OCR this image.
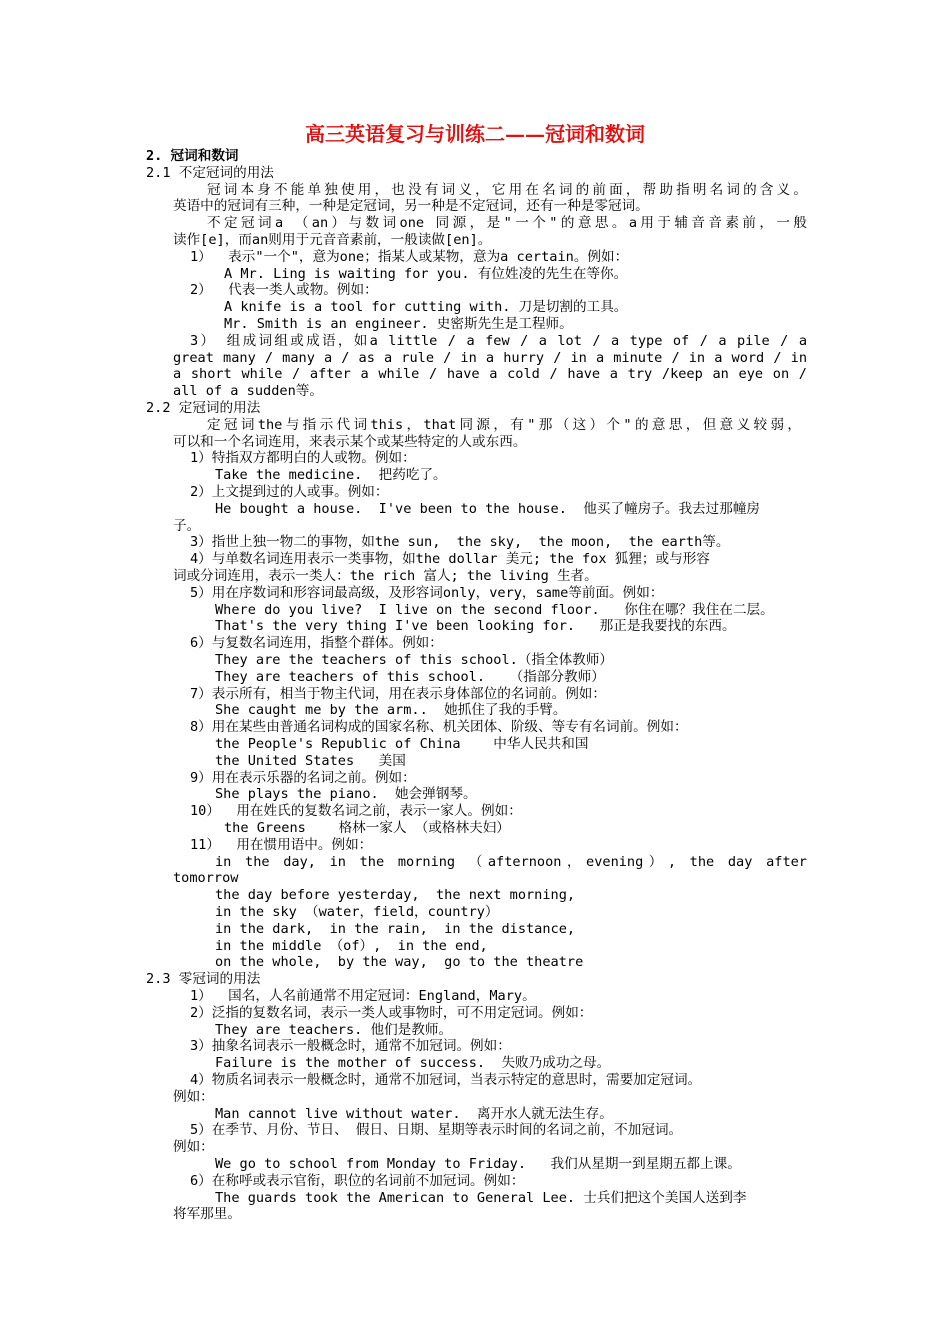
高三英语复习与训练二——冠词和数词
2. 冠词和数词
2.1 不定冠词的用法
冠词本身不能单独使用，也没有词义，它用在名词的前面，帮助指明名词的含义。
英语中的冠词有三种，一种是定冠词，另一种是不定冠词，还有一种是零冠词。
不定冠词a （an）与数词one 同源，是"一个"的意思。a用于辅音音素前，一般
读作[e]，而an则用于元音音素前，一般读做[en]。
1）  表示"一个"，意为one；指某人或某物，意为a certain。例如：
A Mr. Ling is waiting for you. 有位姓凌的先生在等你。
2）  代表一类人或物。例如：
A knife is a tool for cutting with. 刀是切割的工具。
Mr. Smith is an engineer. 史密斯先生是工程师。
3） 组成词组或成语，如a little / a few / a lot / a type of / a pile / a
great many / many a / as a rule / in a hurry / in a minute / in a word / in
a short while / after a while / have a cold / have a try /keep an eye on /
all of a sudden等。
2.2 定冠词的用法
定冠词the与指示代词this，that同源，有"那（这）个"的意思，但意义较弱，
可以和一个名词连用，来表示某个或某些特定的人或东西。
1）特指双方都明白的人或物。例如：
Take the medicine.  把药吃了。
2）上文提到过的人或事。例如：
He bought a house.  I've been to the house.  他买了幢房子。我去过那幢房
子。
3）指世上独一物二的事物，如the sun,  the sky,  the moon,  the earth等。
4）与单数名词连用表示一类事物，如the dollar 美元; the fox 狐狸；或与形容
词或分词连用，表示一类人：the rich 富人; the living 生者。
5）用在序数词和形容词最高级，及形容词only，very，same等前面。例如：
Where do you live?  I live on the second floor.   你住在哪？我住在二层。
That's the very thing I've been looking for.   那正是我要找的东西。
6）与复数名词连用，指整个群体。例如：
They are the teachers of this school.（指全体教师）
They are teachers of this school.   （指部分教师）
7）表示所有，相当于物主代词，用在表示身体部位的名词前。例如：
She caught me by the arm..  她抓住了我的手臂。
8）用在某些由普通名词构成的国家名称、机关团体、阶级、等专有名词前。例如：
the People's Republic of China    中华人民共和国
the United States   美国
9）用在表示乐器的名词之前。例如：
She plays the piano.  她会弹钢琴。
10）  用在姓氏的复数名词之前，表示一家人。例如：
the Greens    格林一家人 （或格林夫妇）
11）  用在惯用语中。例如：
in the day, in the morning （afternoon，evening）, the day after
tomorrow
the day before yesterday,  the next morning,
in the sky （water，field，country）
in the dark,  in the rain,  in the distance,
in the middle （of）,  in the end,
on the whole,  by the way,  go to the theatre
2.3 零冠词的用法
1）  国名，人名前通常不用定冠词：England，Mary。
2）泛指的复数名词，表示一类人或事物时，可不用定冠词。例如：
They are teachers. 他们是教师。
3）抽象名词表示一般概念时，通常不加冠词。例如：
Failure is the mother of success.  失败乃成功之母。
4）物质名词表示一般概念时，通常不加冠词，当表示特定的意思时，需要加定冠词。
例如：
Man cannot live without water.  离开水人就无法生存。
5）在季节、月份、节日、 假日、日期、星期等表示时间的名词之前，不加冠词。
例如：
We go to school from Monday to Friday.   我们从星期一到星期五都上课。
6）在称呼或表示官衔，职位的名词前不加冠词。例如：
The guards took the American to General Lee. 士兵们把这个美国人送到李
将军那里。
